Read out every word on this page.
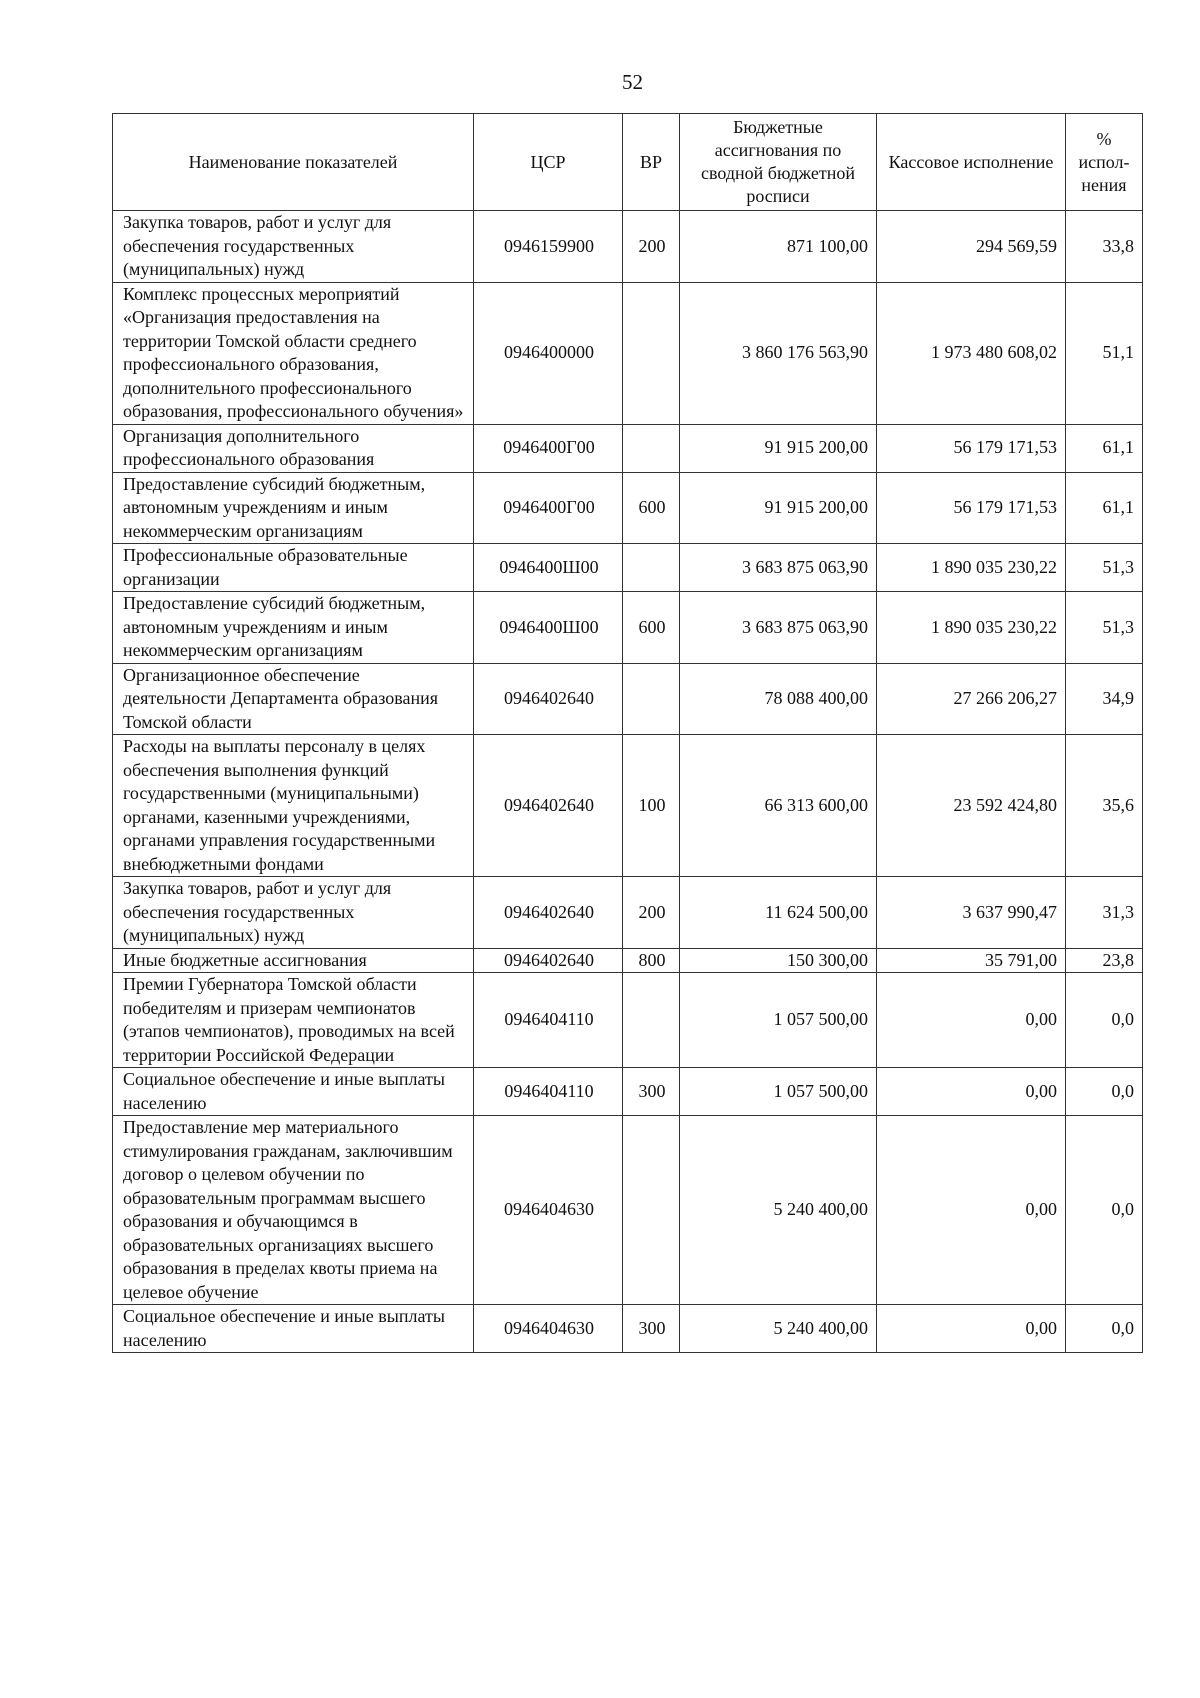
52
Наименование показателей	ЦСР	ВР	Бюджетные ассигнования по сводной бюджетной росписи	Кассовое исполнение	% испол-нения
Закупка товаров, работ и услуг для обеспечения государственных (муниципальных) нужд	0946159900	200	871 100,00	294 569,59	33,8
Комплекс процессных мероприятий «Организация предоставления на территории Томской области среднего профессионального образования, дополнительного профессионального образования, профессионального обучения»	0946400000		3 860 176 563,90	1 973 480 608,02	51,1
Организация дополнительного профессионального образования	0946400Г00		91 915 200,00	56 179 171,53	61,1
Предоставление субсидий бюджетным, автономным учреждениям и иным некоммерческим организациям	0946400Г00	600	91 915 200,00	56 179 171,53	61,1
Профессиональные образовательные организации	0946400Ш00		3 683 875 063,90	1 890 035 230,22	51,3
Предоставление субсидий бюджетным, автономным учреждениям и иным некоммерческим организациям	0946400Ш00	600	3 683 875 063,90	1 890 035 230,22	51,3
Организационное обеспечение деятельности Департамента образования Томской области	0946402640		78 088 400,00	27 266 206,27	34,9
Расходы на выплаты персоналу в целях обеспечения выполнения функций государственными (муниципальными) органами, казенными учреждениями, органами управления государственными внебюджетными фондами	0946402640	100	66 313 600,00	23 592 424,80	35,6
Закупка товаров, работ и услуг для обеспечения государственных (муниципальных) нужд	0946402640	200	11 624 500,00	3 637 990,47	31,3
Иные бюджетные ассигнования	0946402640	800	150 300,00	35 791,00	23,8
Премии Губернатора Томской области победителям и призерам чемпионатов (этапов чемпионатов), проводимых на всей территории Российской Федерации	0946404110		1 057 500,00	0,00	0,0
Социальное обеспечение и иные выплаты населению	0946404110	300	1 057 500,00	0,00	0,0
Предоставление мер материального стимулирования гражданам, заключившим договор о целевом обучении по образовательным программам высшего образования и обучающимся в образовательных организациях высшего образования в пределах квоты приема на целевое обучение	0946404630		5 240 400,00	0,00	0,0
Социальное обеспечение и иные выплаты населению	0946404630	300	5 240 400,00	0,00	0,0
